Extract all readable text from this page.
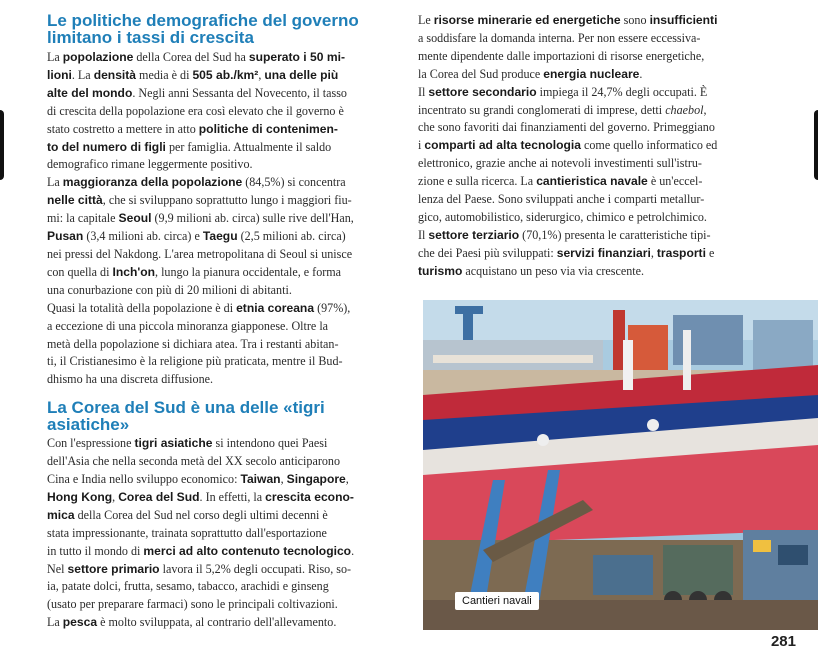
Le politiche demografiche del governo limitano i tassi di crescita
La popolazione della Corea del Sud ha superato i 50 mi-
lioni. La densità media è di 505 ab./km², una delle più
alte del mondo. Negli anni Sessanta del Novecento, il tasso
di crescita della popolazione era così elevato che il governo è
stato costretto a mettere in atto politiche di contenimen-
to del numero di figli per famiglia. Attualmente il saldo
demografico rimane leggermente positivo.
La maggioranza della popolazione (84,5%) si concentra
nelle città, che si sviluppano soprattutto lungo i maggiori fiu-
mi: la capitale Seoul (9,9 milioni ab. circa) sulle rive dell'Han,
Pusan (3,4 milioni ab. circa) e Taegu (2,5 milioni ab. circa)
nei pressi del Nakdong. L'area metropolitana di Seoul si unisce
con quella di Inch'on, lungo la pianura occidentale, e forma
una conurbazione con più di 20 milioni di abitanti.
Quasi la totalità della popolazione è di etnia coreana (97%),
a eccezione di una piccola minoranza giapponese. Oltre la
metà della popolazione si dichiara atea. Tra i restanti abitan-
ti, il Cristianesimo è la religione più praticata, mentre il Bud-
dhismo ha una discreta diffusione.
La Corea del Sud è una delle «tigri asiatiche»
Con l'espressione tigri asiatiche si intendono quei Paesi
dell'Asia che nella seconda metà del XX secolo anticiparono
Cina e India nello sviluppo economico: Taiwan, Singapore,
Hong Kong, Corea del Sud. In effetti, la crescita econo-
mica della Corea del Sud nel corso degli ultimi decenni è
stata impressionante, trainata soprattutto dall'esportazione
in tutto il mondo di merci ad alto contenuto tecnologico.
Nel settore primario lavora il 5,2% degli occupati. Riso, so-
ia, patate dolci, frutta, sesamo, tabacco, arachidi e ginseng
(usato per preparare farmaci) sono le principali coltivazioni.
La pesca è molto sviluppata, al contrario dell'allevamento.
Le risorse minerarie ed energetiche sono insufficienti
a soddisfare la domanda interna. Per non essere eccessiva-
mente dipendente dalle importazioni di risorse energetiche,
la Corea del Sud produce energia nucleare.
Il settore secondario impiega il 24,7% degli occupati. È
incentrato su grandi conglomerati di imprese, detti chaebol,
che sono favoriti dai finanziamenti del governo. Primeggiano
i comparti ad alta tecnologia come quello informatico ed
elettronico, grazie anche ai notevoli investimenti sull'istru-
zione e sulla ricerca. La cantieristica navale è un'eccel-
lenza del Paese. Sono sviluppati anche i comparti metallur-
gico, automobilistico, siderurgico, chimico e petrolchimico.
Il settore terziario (70,1%) presenta le caratteristiche tipi-
che dei Paesi più sviluppati: servizi finanziari, trasporti e
turismo acquistano un peso via via crescente.
Cantieri navali
281
